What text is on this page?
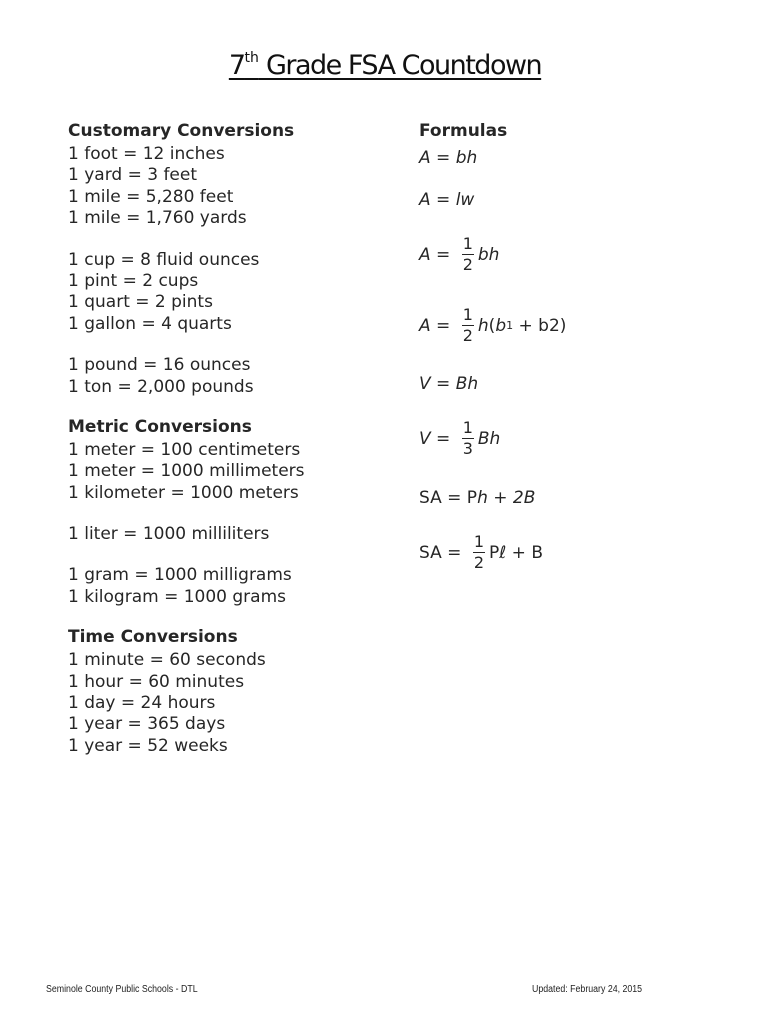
7th Grade FSA Countdown
Customary Conversions
1 foot = 12 inches
1 yard = 3 feet
1 mile = 5,280 feet
1 mile = 1,760 yards
1 cup = 8 fluid ounces
1 pint = 2 cups
1 quart = 2 pints
1 gallon = 4 quarts
1 pound = 16 ounces
1 ton = 2,000 pounds
Metric Conversions
1 meter = 100 centimeters
1 meter = 1000 millimeters
1 kilometer = 1000 meters
1 liter = 1000 milliliters
1 gram = 1000 milligrams
1 kilogram = 1000 grams
Time Conversions
1 minute = 60 seconds
1 hour = 60 minutes
1 day = 24 hours
1 year = 365 days
1 year = 52 weeks
Formulas
A = bh
A = lw
$A = \frac{1}{2}$ bh
$A = \frac{1}{2}$ h ( b 1 + b2 )
V = Bh
$V = \frac{1}{3}$ Bh
SA = P h + 2B
SA = $\frac{1}{2}$ Pℓ + B
Seminole County Public Schools - DTL	Updated: February 24, 2015
